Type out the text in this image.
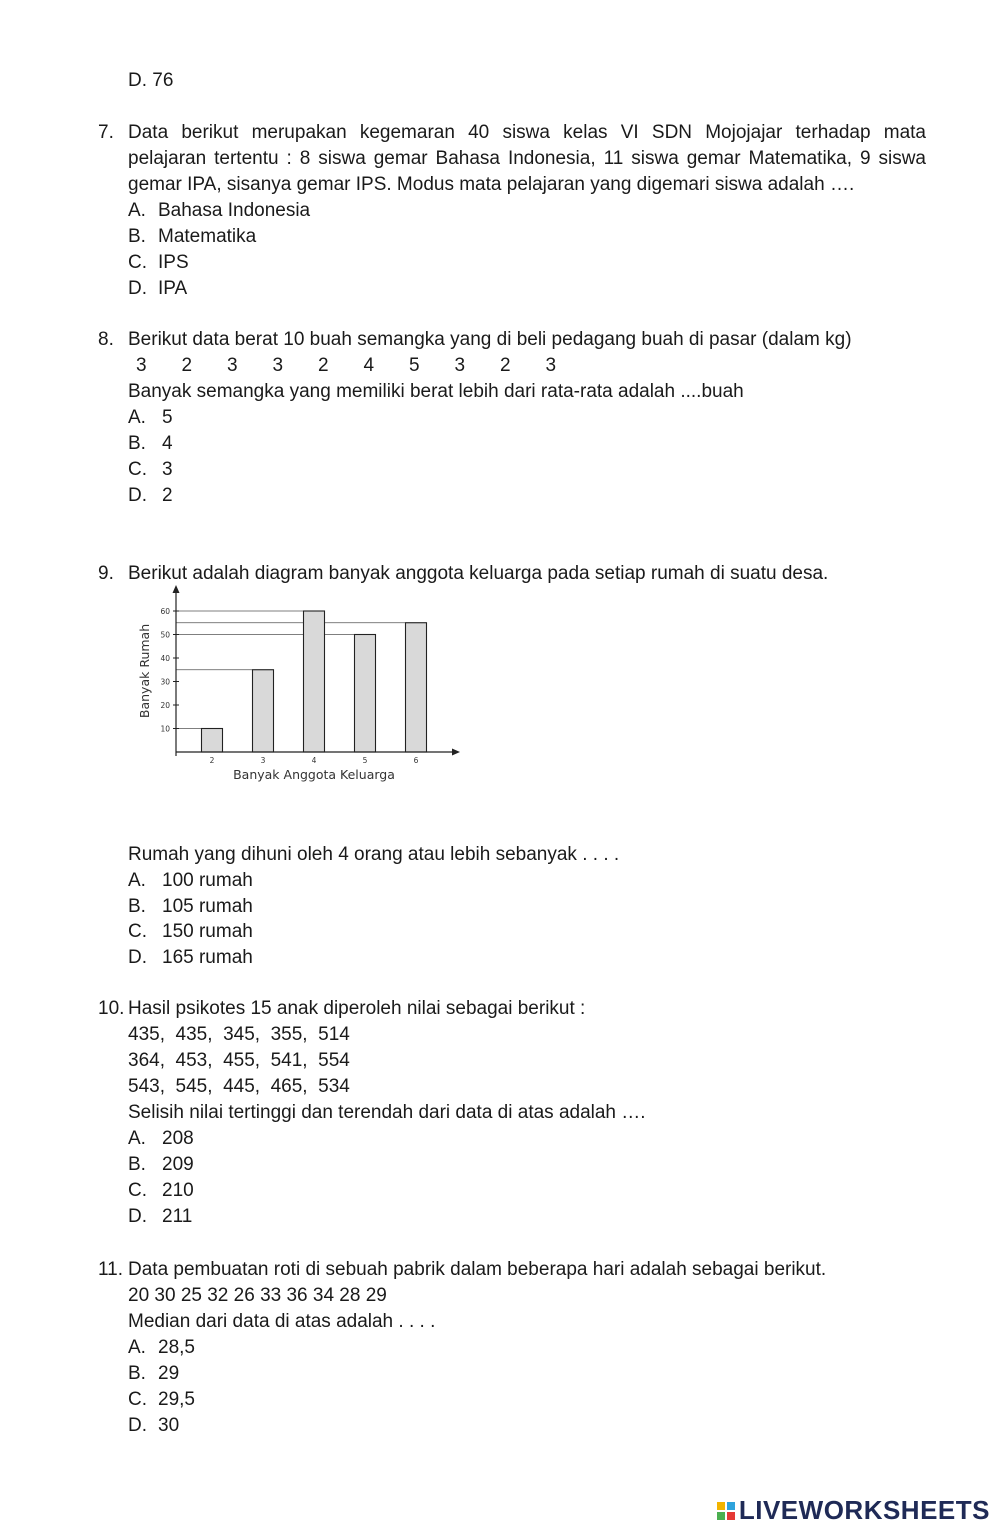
D. 76
7. Data berikut merupakan kegemaran 40 siswa kelas VI SDN Mojojajar terhadap mata
pelajaran tertentu : 8 siswa gemar Bahasa Indonesia, 11 siswa gemar Matematika, 9 siswa
gemar IPA, sisanya gemar IPS. Modus mata pelajaran yang digemari siswa adalah ….
A. Bahasa Indonesia
B. Matematika
C. IPS
D. IPA
8. Berikut data berat 10 buah semangka yang di beli pedagang buah di pasar (dalam kg)
3 2 3 3 2 4 5 3 2 3
Banyak semangka yang memiliki berat lebih dari rata-rata adalah ....buah
A. 5
B. 4
C. 3
D. 2
9. Berikut adalah diagram banyak anggota keluarga pada setiap rumah di suatu desa.
10
20
30
40
50
60
2	3	4	5	6
Banyak Anggota Keluarga
Banyak Rumah
Rumah yang dihuni oleh 4 orang atau lebih sebanyak . . . .
A. 100 rumah
B. 105 rumah
C. 150 rumah
D. 165 rumah
10. Hasil psikotes 15 anak diperoleh nilai sebagai berikut :
435,  435,  345,  355,  514
364,  453,  455,  541,  554
543,  545,  445,  465,  534
Selisih nilai tertinggi dan terendah dari data di atas adalah ….
A. 208
B. 209
C. 210
D. 211
11. Data pembuatan roti di sebuah pabrik dalam beberapa hari adalah sebagai berikut.
20 30 25 32 26 33 36 34 28 29
Median dari data di atas adalah . . . .
A. 28,5
B. 29
C. 29,5
D. 30
LIVEWORKSHEETS
